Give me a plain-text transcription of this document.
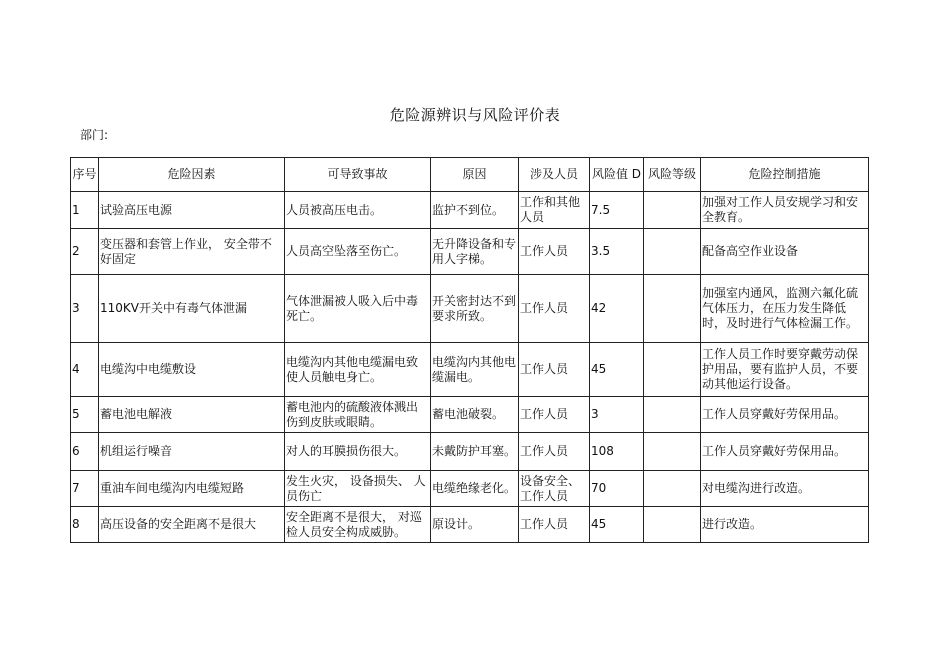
危险源辨识与风险评价表
部门:
序号	危险因素	可导致事故	原因	涉及人员	风险值 D	风险等级	危险控制措施
1	试验高压电源	人员被高压电击。	监护不到位。	工作和其他人员	7.5		加强对工作人员安规学习和安全教育。
2	变压器和套管上作业， 安全带不好固定	人员高空坠落至伤亡。	无升降设备和专用人字梯。	工作人员	3.5		配备高空作业设备
3	110KV开关中有毒气体泄漏	气体泄漏被人吸入后中毒死亡。	开关密封达不到要求所致。	工作人员	42		加强室内通风，监测六氟化硫气体压力，在压力发生降低时，及时进行气体检漏工作。
4	电缆沟中电缆敷设	电缆沟内其他电缆漏电致使人员触电身亡。	电缆沟内其他电缆漏电。	工作人员	45		工作人员工作时要穿戴劳动保护用品，要有监护人员，不要动其他运行设备。
5	蓄电池电解液	蓄电池内的硫酸液体溅出伤到皮肤或眼睛。	蓄电池破裂。	工作人员	3		工作人员穿戴好劳保用品。
6	机组运行噪音	对人的耳膜损伤很大。	未戴防护耳塞。	工作人员	108		工作人员穿戴好劳保用品。
7	重油车间电缆沟内电缆短路	发生火灾， 设备损失、 人员伤亡	电缆绝缘老化。	设备安全、工作人员	70		对电缆沟进行改造。
8	高压设备的安全距离不是很大	安全距离不是很大， 对巡检人员安全构成威胁。	原设计。	工作人员	45		进行改造。
